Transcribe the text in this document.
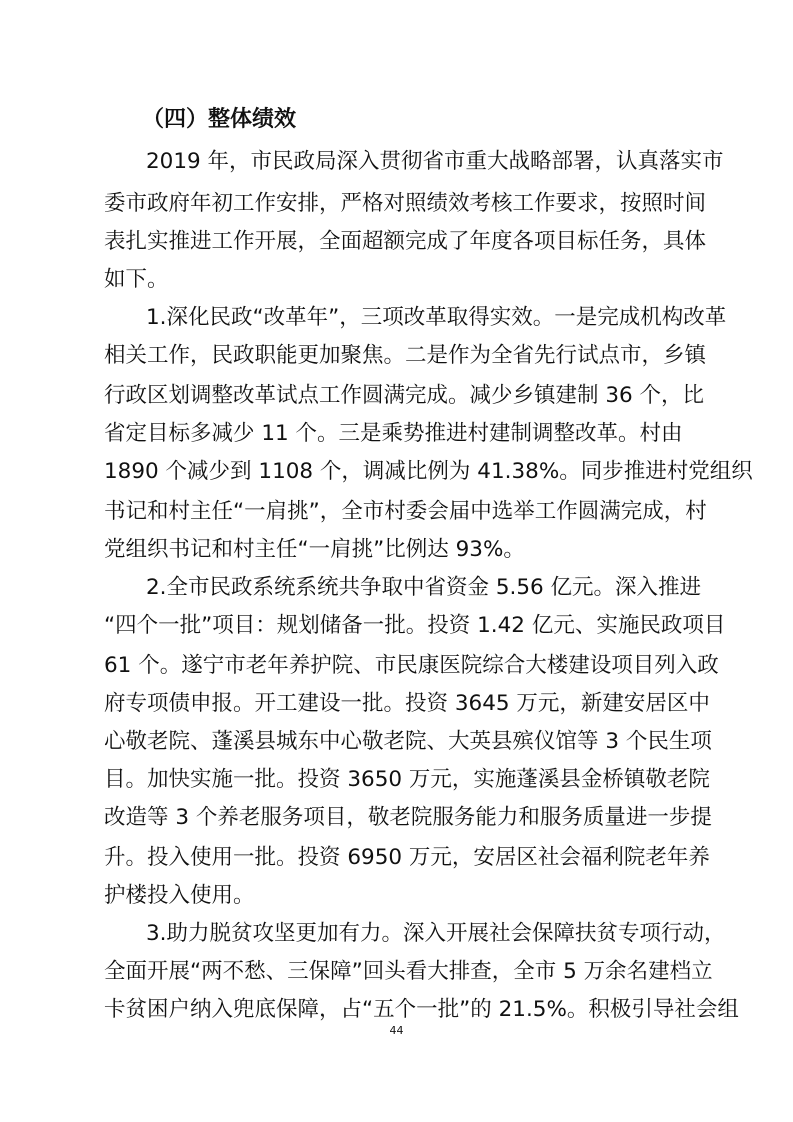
（四）整体绩效
2019 年，市民政局深入贯彻省市重大战略部署，认真落实市
委市政府年初工作安排，严格对照绩效考核工作要求，按照时间
表扎实推进工作开展，全面超额完成了年度各项目标任务，具体
如下。
1.深化民政“改革年”，三项改革取得实效。一是完成机构改革
相关工作，民政职能更加聚焦。二是作为全省先行试点市，乡镇
行政区划调整改革试点工作圆满完成。减少乡镇建制 36 个，比
省定目标多减少 11 个。三是乘势推进村建制调整改革。村由
1890 个减少到 1108 个，调减比例为 41.38%。同步推进村党组织
书记和村主任“一肩挑”，全市村委会届中选举工作圆满完成，村
党组织书记和村主任“一肩挑”比例达 93%。
2.全市民政系统系统共争取中省资金 5.56 亿元。深入推进
“四个一批”项目：规划储备一批。投资 1.42 亿元、实施民政项目
61 个。遂宁市老年养护院、市民康医院综合大楼建设项目列入政
府专项债申报。开工建设一批。投资 3645 万元，新建安居区中
心敬老院、蓬溪县城东中心敬老院、大英县殡仪馆等 3 个民生项
目。加快实施一批。投资 3650 万元，实施蓬溪县金桥镇敬老院
改造等 3 个养老服务项目，敬老院服务能力和服务质量进一步提
升。投入使用一批。投资 6950 万元，安居区社会福利院老年养
护楼投入使用。
3.助力脱贫攻坚更加有力。深入开展社会保障扶贫专项行动，
全面开展“两不愁、三保障”回头看大排查，全市 5 万余名建档立
卡贫困户纳入兜底保障，占“五个一批”的 21.5%。积极引导社会组
44
